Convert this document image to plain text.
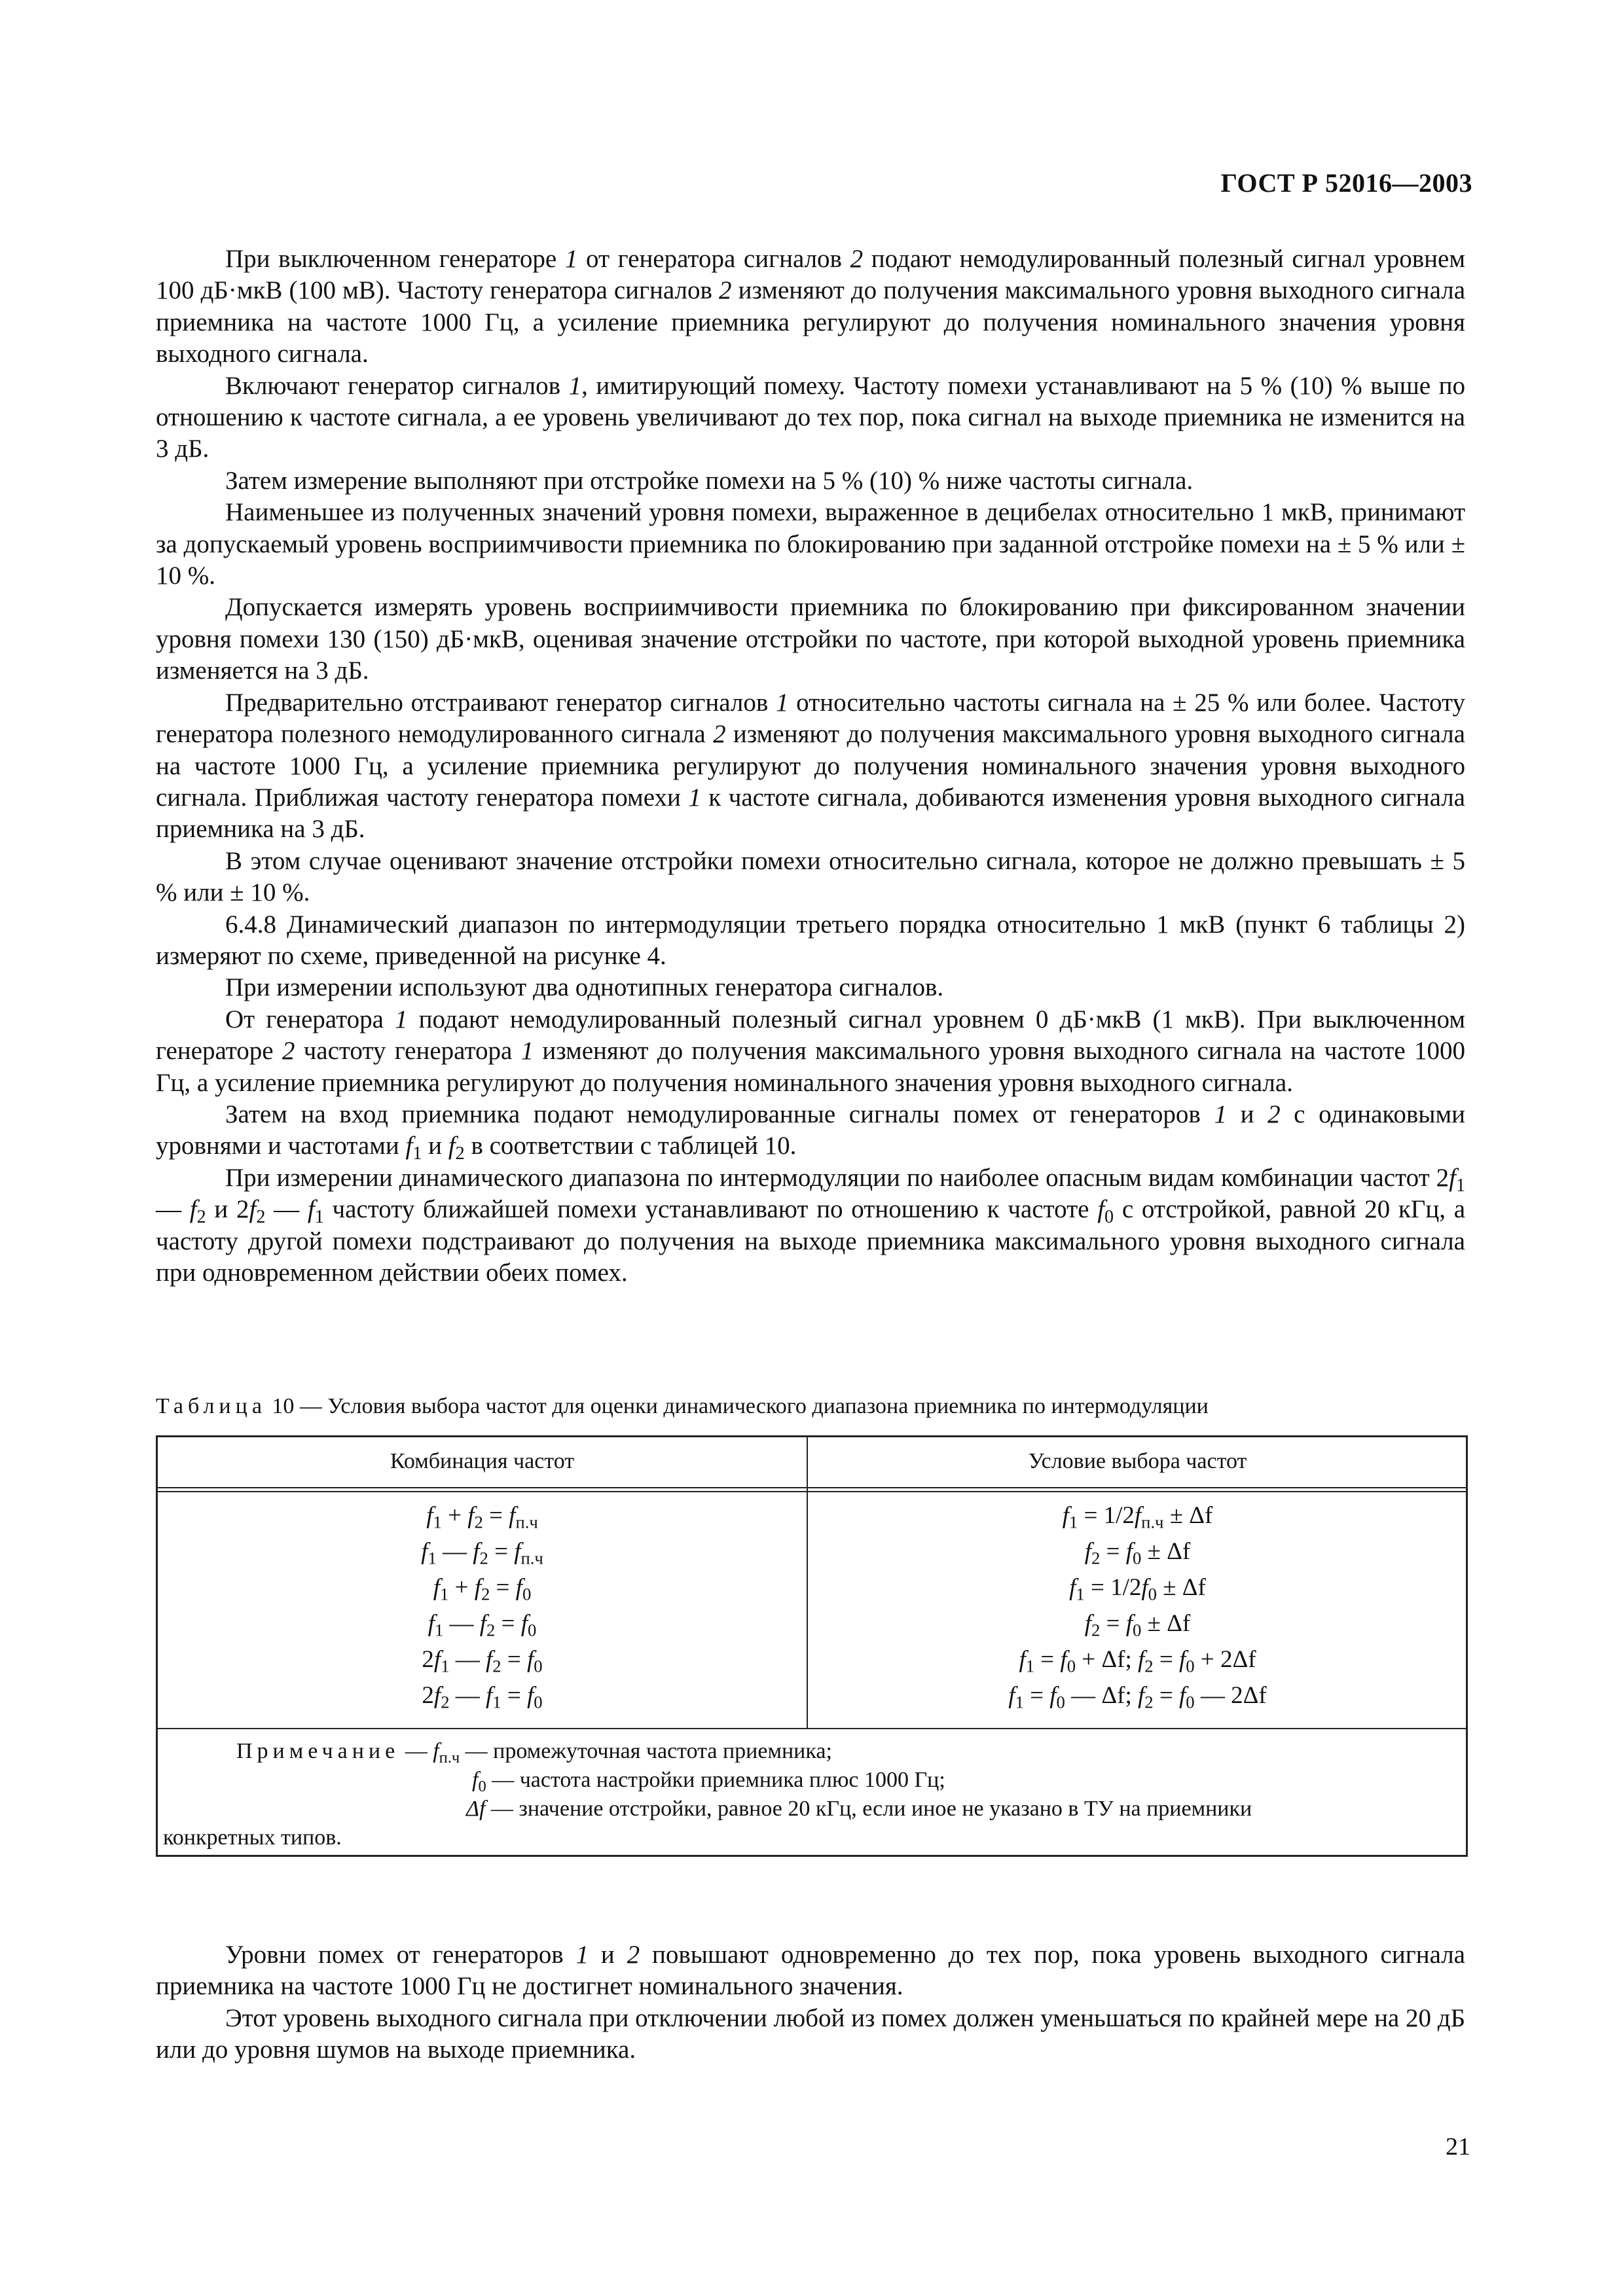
ГОСТ Р 52016—2003

При выключенном генераторе 1 от генератора сигналов 2 подают немодулированный полезный сигнал уровнем 100 дБ·мкВ (100 мВ). Частоту генератора сигналов 2 изменяют до получения максимального уровня выходного сигнала приемника на частоте 1000 Гц, а усиление приемника регулируют до получения номинального значения уровня выходного сигнала.

Включают генератор сигналов 1, имитирующий помеху. Частоту помехи устанавливают на 5 % (10) % выше по отношению к частоте сигнала, а ее уровень увеличивают до тех пор, пока сигнал на выходе приемника не изменится на 3 дБ.

Затем измерение выполняют при отстройке помехи на 5 % (10) % ниже частоты сигнала.

Наименьшее из полученных значений уровня помехи, выраженное в децибелах относительно 1 мкВ, принимают за допускаемый уровень восприимчивости приемника по блокированию при заданной отстройке помехи на ± 5 % или ± 10 %.

Допускается измерять уровень восприимчивости приемника по блокированию при фиксированном значении уровня помехи 130 (150) дБ·мкВ, оценивая значение отстройки по частоте, при которой выходной уровень приемника изменяется на 3 дБ.

Предварительно отстраивают генератор сигналов 1 относительно частоты сигнала на ± 25 % или более. Частоту генератора полезного немодулированного сигнала 2 изменяют до получения максимального уровня выходного сигнала на частоте 1000 Гц, а усиление приемника регулируют до получения номинального значения уровня выходного сигнала. Приближая частоту генератора помехи 1 к частоте сигнала, добиваются изменения уровня выходного сигнала приемника на 3 дБ.

В этом случае оценивают значение отстройки помехи относительно сигнала, которое не должно превышать ± 5 % или ± 10 %.

6.4.8 Динамический диапазон по интермодуляции третьего порядка относительно 1 мкВ (пункт 6 таблицы 2) измеряют по схеме, приведенной на рисунке 4.

При измерении используют два однотипных генератора сигналов.

От генератора 1 подают немодулированный полезный сигнал уровнем 0 дБ·мкВ (1 мкВ). При выключенном генераторе 2 частоту генератора 1 изменяют до получения максимального уровня выходного сигнала на частоте 1000 Гц, а усиление приемника регулируют до получения номинального значения уровня выходного сигнала.

Затем на вход приемника подают немодулированные сигналы помех от генераторов 1 и 2 с одинаковыми уровнями и частотами $f_1$ и $f_2$ в соответствии с таблицей 10.

При измерении динамического диапазона по интермодуляции по наиболее опасным видам комбинации частот $2f_1$ — $f_2$ и $2f_2$ — $f_1$ частоту ближайшей помехи устанавливают по отношению к частоте $f_0$ с отстройкой, равной 20 кГц, а частоту другой помехи подстраивают до получения на выходе приемника максимального уровня выходного сигнала при одновременном действии обеих помех.

Таблица 10 — Условия выбора частот для оценки динамического диапазона приемника по интермодуляции
Комбинация частот	Условие выбора частот
$f_1 + f_2 = f_{п.ч}$
$f_1$ — $f_2 = f_{п.ч}$
$f_1 + f_2 = f_0$
$f_1$ — $f_2 = f_0$
$2f_1$ — $f_2 = f_0$
$2f_2$ — $f_1 = f_0$
$f_1 = 1/2f_{п.ч} \pm \Delta f$
$f_2 = f_0 \pm \Delta f$
$f_1 = 1/2f_0 \pm \Delta f$
$f_2 = f_0 \pm \Delta f$
$f_1 = f_0 + \Delta f$; $f_2 = f_0 + 2\Delta f$
$f_1 = f_0$ — Δf; $f_2 = f_0$ — 2Δf
Примечание — $f_{п.ч}$ — промежуточная частота приемника;
$f_0$ — частота настройки приемника плюс 1000 Гц;
Δf — значение отстройки, равное 20 кГц, если иное не указано в ТУ на приемники
конкретных типов.

Уровни помех от генераторов 1 и 2 повышают одновременно до тех пор, пока уровень выходного сигнала приемника на частоте 1000 Гц не достигнет номинального значения.

Этот уровень выходного сигнала при отключении любой из помех должен уменьшаться по крайней мере на 20 дБ или до уровня шумов на выходе приемника.

21
